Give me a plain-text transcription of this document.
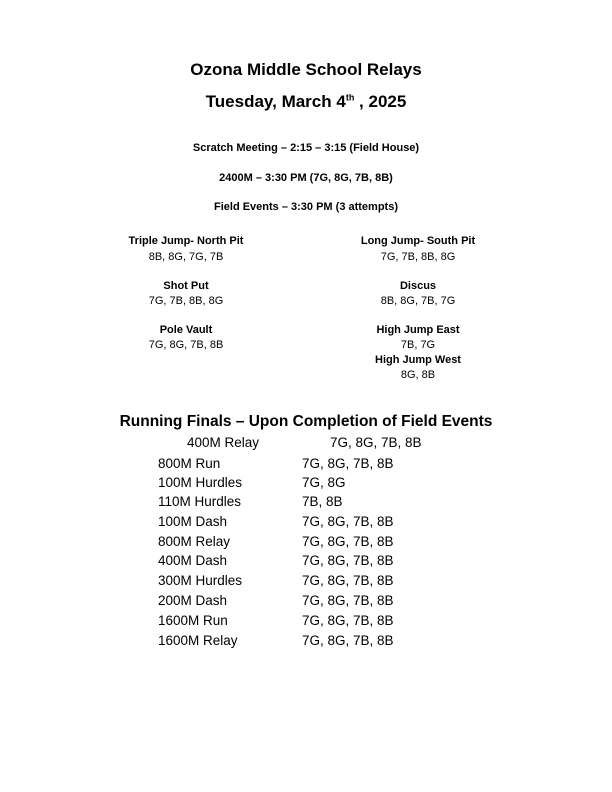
Ozona Middle School Relays
Tuesday, March 4th , 2025
Scratch Meeting – 2:15 – 3:15 (Field House)
2400M – 3:30 PM (7G, 8G, 7B, 8B)
Field Events – 3:30 PM (3 attempts)
Triple Jump- North Pit
8B, 8G, 7G, 7B
Shot Put
7G, 7B, 8B, 8G
Pole Vault
7G, 8G, 7B, 8B
Long Jump- South Pit
7G, 7B, 8B, 8G
Discus
8B, 8G, 7B, 7G
High Jump East
7B, 7G
High Jump West
8G, 8B
Running Finals – Upon Completion of Field Events
400M Relay	7G, 8G, 7B, 8B
800M Run	7G, 8G, 7B, 8B
100M Hurdles	7G, 8G
110M Hurdles	7B, 8B
100M Dash	7G, 8G, 7B, 8B
800M Relay	7G, 8G, 7B, 8B
400M Dash	7G, 8G, 7B, 8B
300M Hurdles	7G, 8G, 7B, 8B
200M Dash	7G, 8G, 7B, 8B
1600M Run	7G, 8G, 7B, 8B
1600M Relay	7G, 8G, 7B, 8B
